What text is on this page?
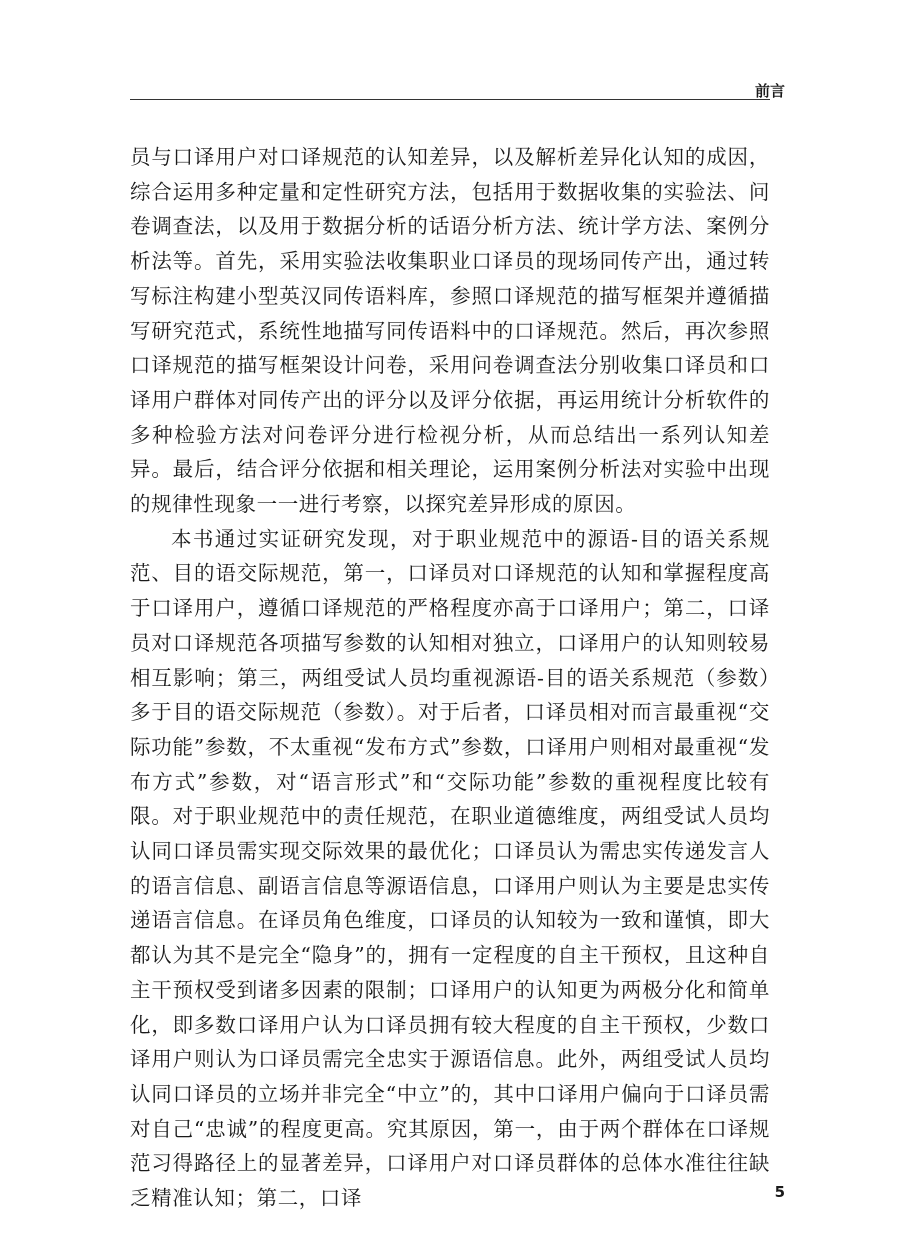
前言

员与口译用户对口译规范的认知差异，以及解析差异化认知的成因，综合运用多种定量和定性研究方法，包括用于数据收集的实验法、问卷调查法，以及用于数据分析的话语分析方法、统计学方法、案例分析法等。首先，采用实验法收集职业口译员的现场同传产出，通过转写标注构建小型英汉同传语料库，参照口译规范的描写框架并遵循描写研究范式，系统性地描写同传语料中的口译规范。然后，再次参照口译规范的描写框架设计问卷，采用问卷调查法分别收集口译员和口译用户群体对同传产出的评分以及评分依据，再运用统计分析软件的多种检验方法对问卷评分进行检视分析，从而总结出一系列认知差异。最后，结合评分依据和相关理论，运用案例分析法对实验中出现的规律性现象一一进行考察，以探究差异形成的原因。

本书通过实证研究发现，对于职业规范中的源语-目的语关系规范、目的语交际规范，第一，口译员对口译规范的认知和掌握程度高于口译用户，遵循口译规范的严格程度亦高于口译用户；第二，口译员对口译规范各项描写参数的认知相对独立，口译用户的认知则较易相互影响；第三，两组受试人员均重视源语-目的语关系规范（参数）多于目的语交际规范（参数）。对于后者，口译员相对而言最重视“交际功能”参数，不太重视“发布方式”参数，口译用户则相对最重视“发布方式”参数，对“语言形式”和“交际功能”参数的重视程度比较有限。对于职业规范中的责任规范，在职业道德维度，两组受试人员均认同口译员需实现交际效果的最优化；口译员认为需忠实传递发言人的语言信息、副语言信息等源语信息，口译用户则认为主要是忠实传递语言信息。在译员角色维度，口译员的认知较为一致和谨慎，即大都认为其不是完全“隐身”的，拥有一定程度的自主干预权，且这种自主干预权受到诸多因素的限制；口译用户的认知更为两极分化和简单化，即多数口译用户认为口译员拥有较大程度的自主干预权，少数口译用户则认为口译员需完全忠实于源语信息。此外，两组受试人员均认同口译员的立场并非完全“中立”的，其中口译用户偏向于口译员需对自己“忠诚”的程度更高。究其原因，第一，由于两个群体在口译规范习得路径上的显著差异，口译用户对口译员群体的总体水准往往缺乏精准认知；第二，口译	5
